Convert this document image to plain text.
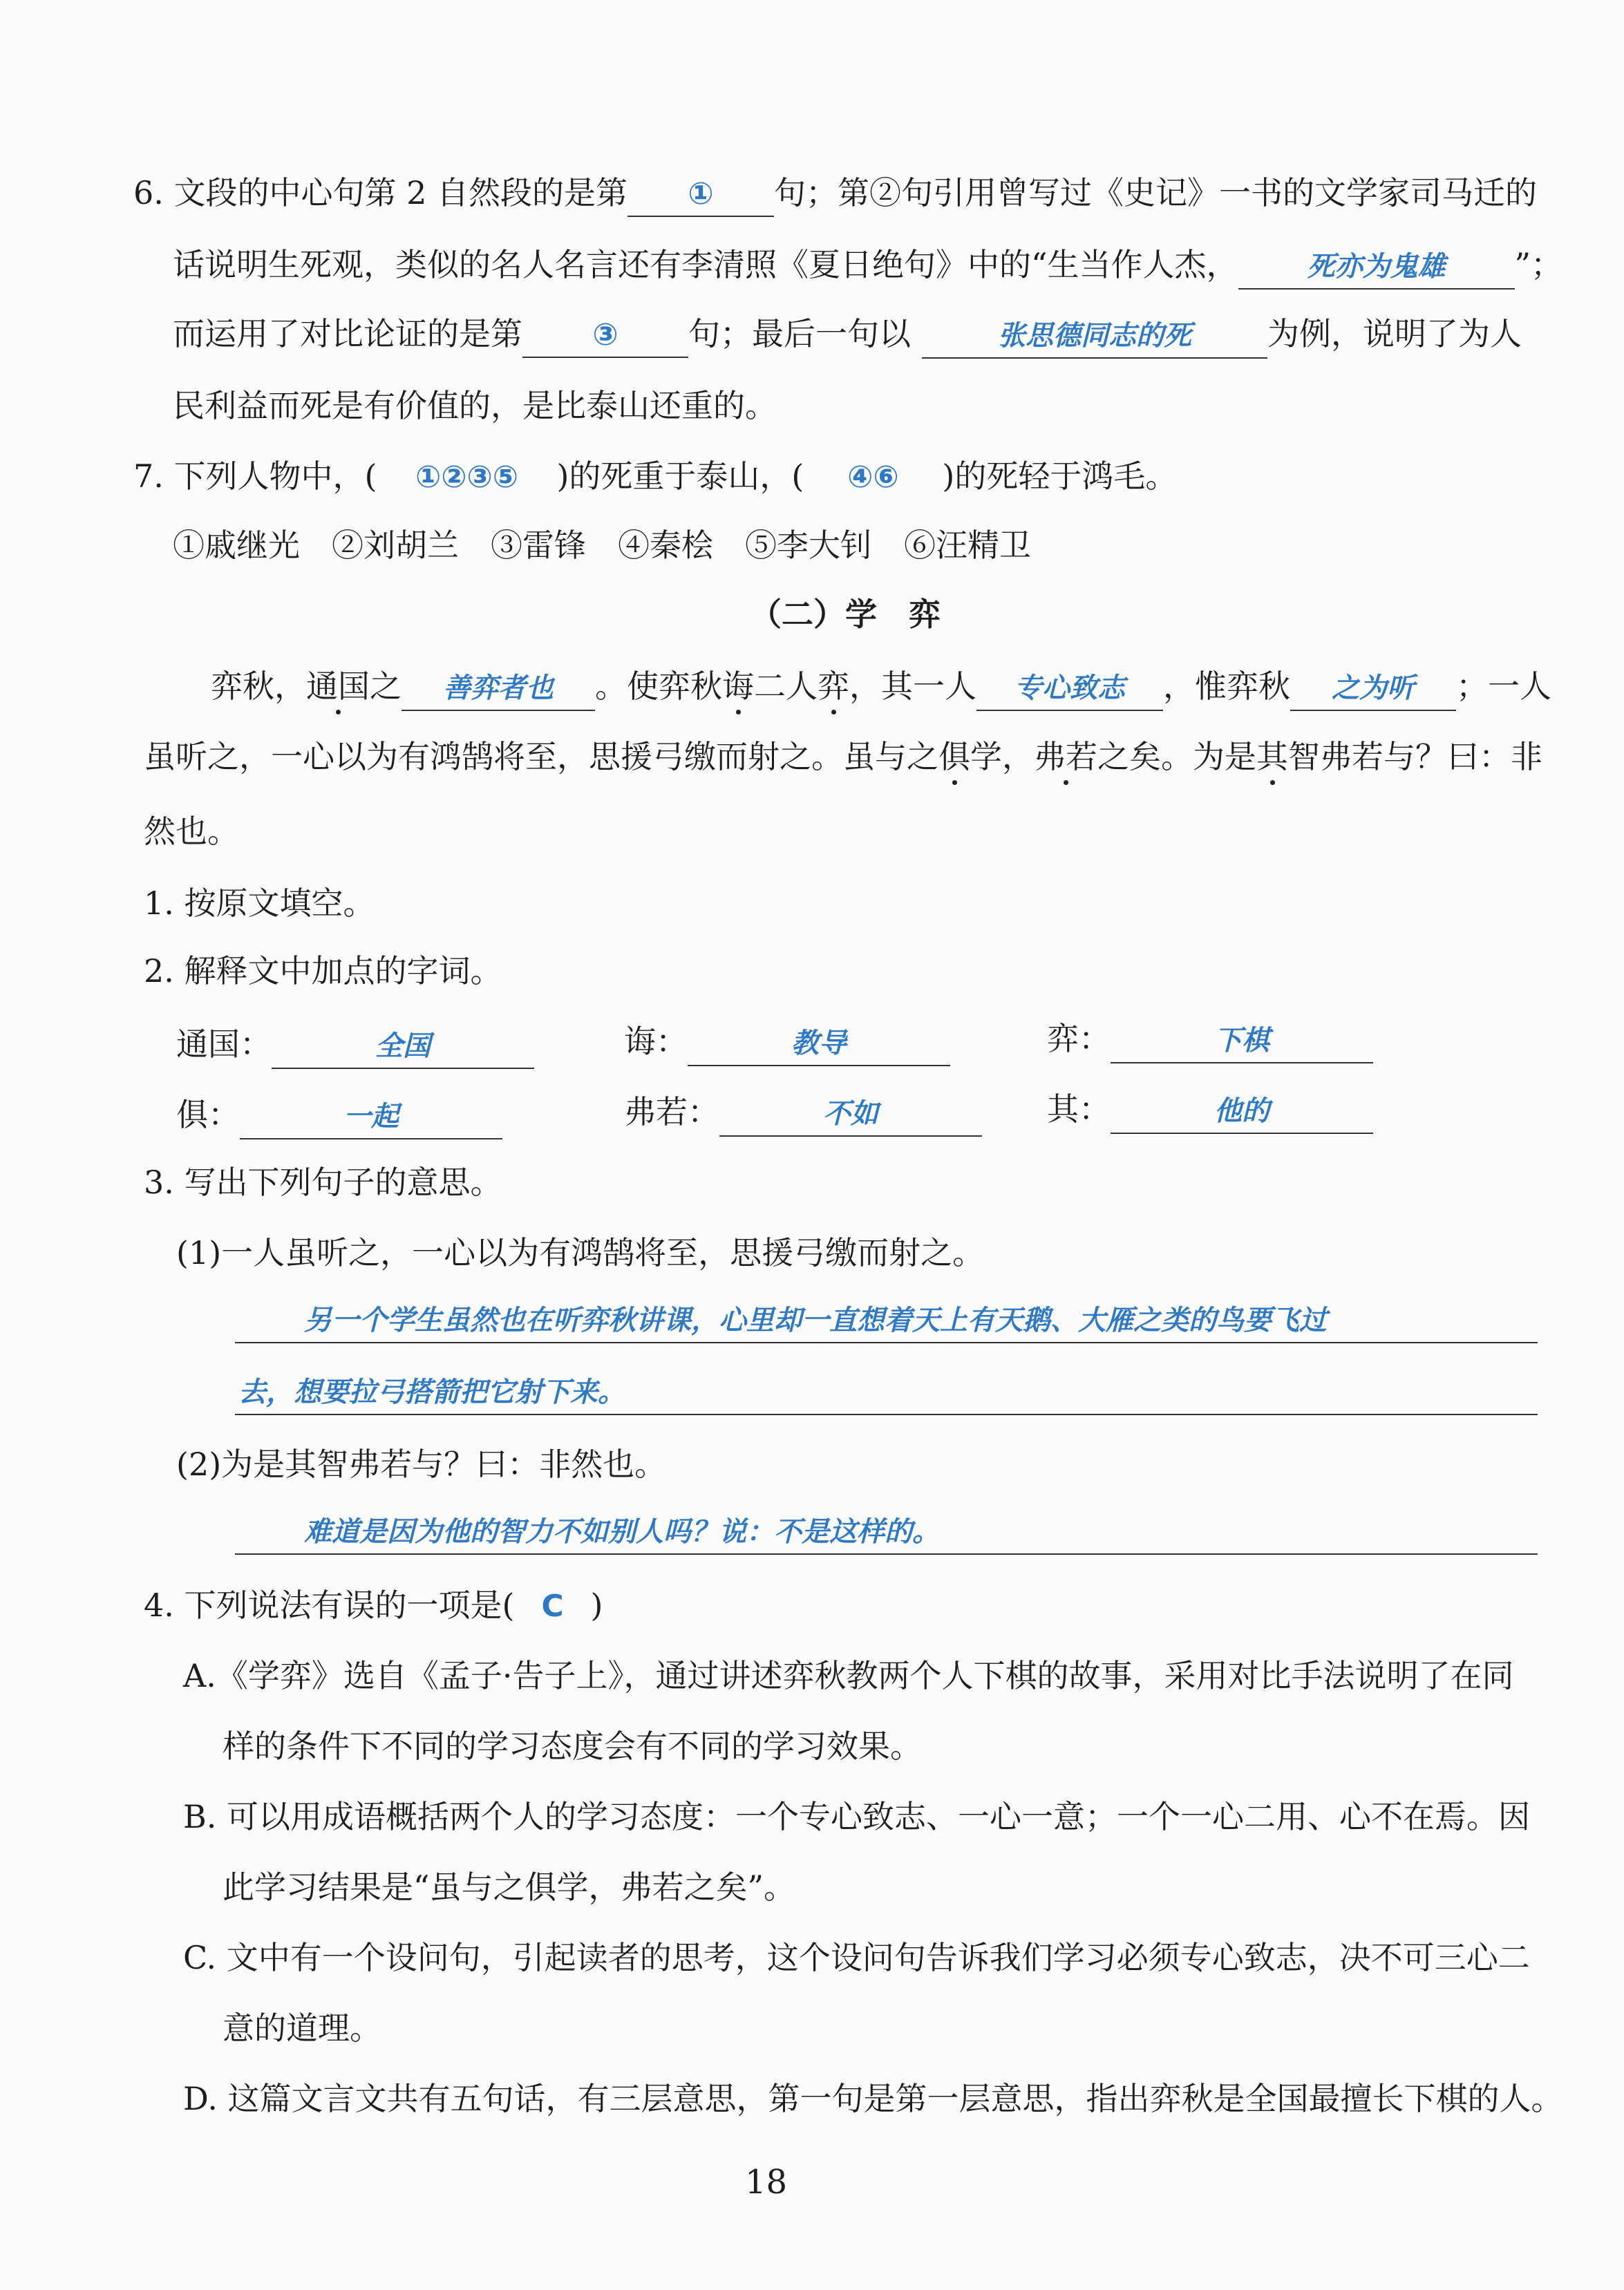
6. 文段的中心句第 2 自然段的是第 ① 句；第②句引用曾写过《史记》一书的文学家司马迁的
话说明生死观，类似的名人名言还有李清照《夏日绝句》中的“生当作人杰，	死亦为鬼雄 ”；
而运用了对比论证的是第 ③ 句；最后一句以	张思德同志的死 为例，说明了为人
民利益而死是有价值的，是比泰山还重的。
7. 下列人物中，( ①②③⑤ )的死重于泰山，( ④⑥ )的死轻于鸿毛。
①戚继光　②刘胡兰　③雷锋　④秦桧　⑤李大钊　⑥汪精卫
（二）学　弈
弈秋，通国之 善弈者也 。使弈秋诲二人弈，其一人 专心致志 ，惟弈秋 之为听 ；一人
虽听之，一心以为有鸿鹄将至，思援弓缴而射之。虽与之俱学，弗若之矣。为是其智弗若与？曰：非
然也。
1. 按原文填空。
2. 解释文中加点的字词。
通国：	全国	诲：	教导	弈：	下棋
俱：	一起	弗若：	不如	其：	他的
3. 写出下列句子的意思。
(1)一人虽听之，一心以为有鸿鹄将至，思援弓缴而射之。
另一个学生虽然也在听弈秋讲课，心里却一直想着天上有天鹅、大雁之类的鸟要飞过
去，想要拉弓搭箭把它射下来。
(2)为是其智弗若与？曰：非然也。
难道是因为他的智力不如别人吗？说：不是这样的。
4. 下列说法有误的一项是( C )
A.《学弈》选自《孟子·告子上》，通过讲述弈秋教两个人下棋的故事，采用对比手法说明了在同
样的条件下不同的学习态度会有不同的学习效果。
B. 可以用成语概括两个人的学习态度：一个专心致志、一心一意；一个一心二用、心不在焉。因
此学习结果是“虽与之俱学，弗若之矣”。
C. 文中有一个设问句，引起读者的思考，这个设问句告诉我们学习必须专心致志，决不可三心二
意的道理。
D. 这篇文言文共有五句话，有三层意思，第一句是第一层意思，指出弈秋是全国最擅长下棋的人。
18
